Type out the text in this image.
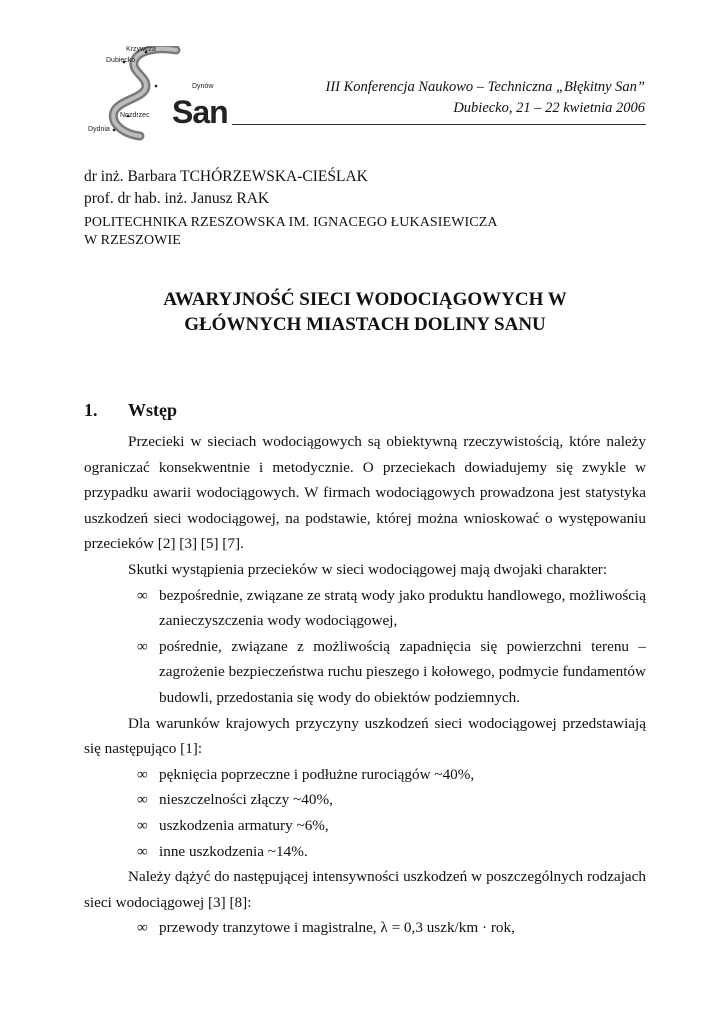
Krzywcza
Dubiecko
Dynów
Nozdrzec
Dydnia San
III Konferencja Naukowo – Techniczna „Błękitny San”
Dubiecko, 21 – 22 kwietnia 2006
dr inż. Barbara TCHÓRZEWSKA-CIEŚLAK
prof. dr hab. inż. Janusz RAK
POLITECHNIKA RZESZOWSKA IM. IGNACEGO ŁUKASIEWICZA
W RZESZOWIE
AWARYJNOŚĆ SIECI WODOCIĄGOWYCH W
GŁÓWNYCH MIASTACH DOLINY SANU
1. Wstęp

Przecieki w sieciach wodociągowych są obiektywną rzeczywistością, które należy ograniczać konsekwentnie i metodycznie. O przeciekach dowiadujemy się zwykle w przypadku awarii wodociągowych. W firmach wodociągowych prowadzona jest statystyka uszkodzeń sieci wodociągowej, na podstawie, której można wnioskować o występowaniu przecieków [2] [3] [5] [7].

Skutki wystąpienia przecieków w sieci wodociągowej mają dwojaki charakter:

∞ bezpośrednie, związane ze stratą wody jako produktu handlowego, możliwością zanieczyszczenia wody wodociągowej,
∞ pośrednie, związane z możliwością zapadnięcia się powierzchni terenu – zagrożenie bezpieczeństwa ruchu pieszego i kołowego, podmycie fundamentów budowli, przedostania się wody do obiektów podziemnych.

Dla warunków krajowych przyczyny uszkodzeń sieci wodociągowej przedstawiają się następująco [1]:

∞ pęknięcia poprzeczne i podłużne rurociągów ~40%,
∞ nieszczelności złączy ~40%,
∞ uszkodzenia armatury ~6%,
∞ inne uszkodzenia ~14%.

Należy dążyć do następującej intensywności uszkodzeń w poszczególnych rodzajach sieci wodociągowej [3] [8]:

∞ przewody tranzytowe i magistralne, λ = 0,3 uszk/km · rok,
